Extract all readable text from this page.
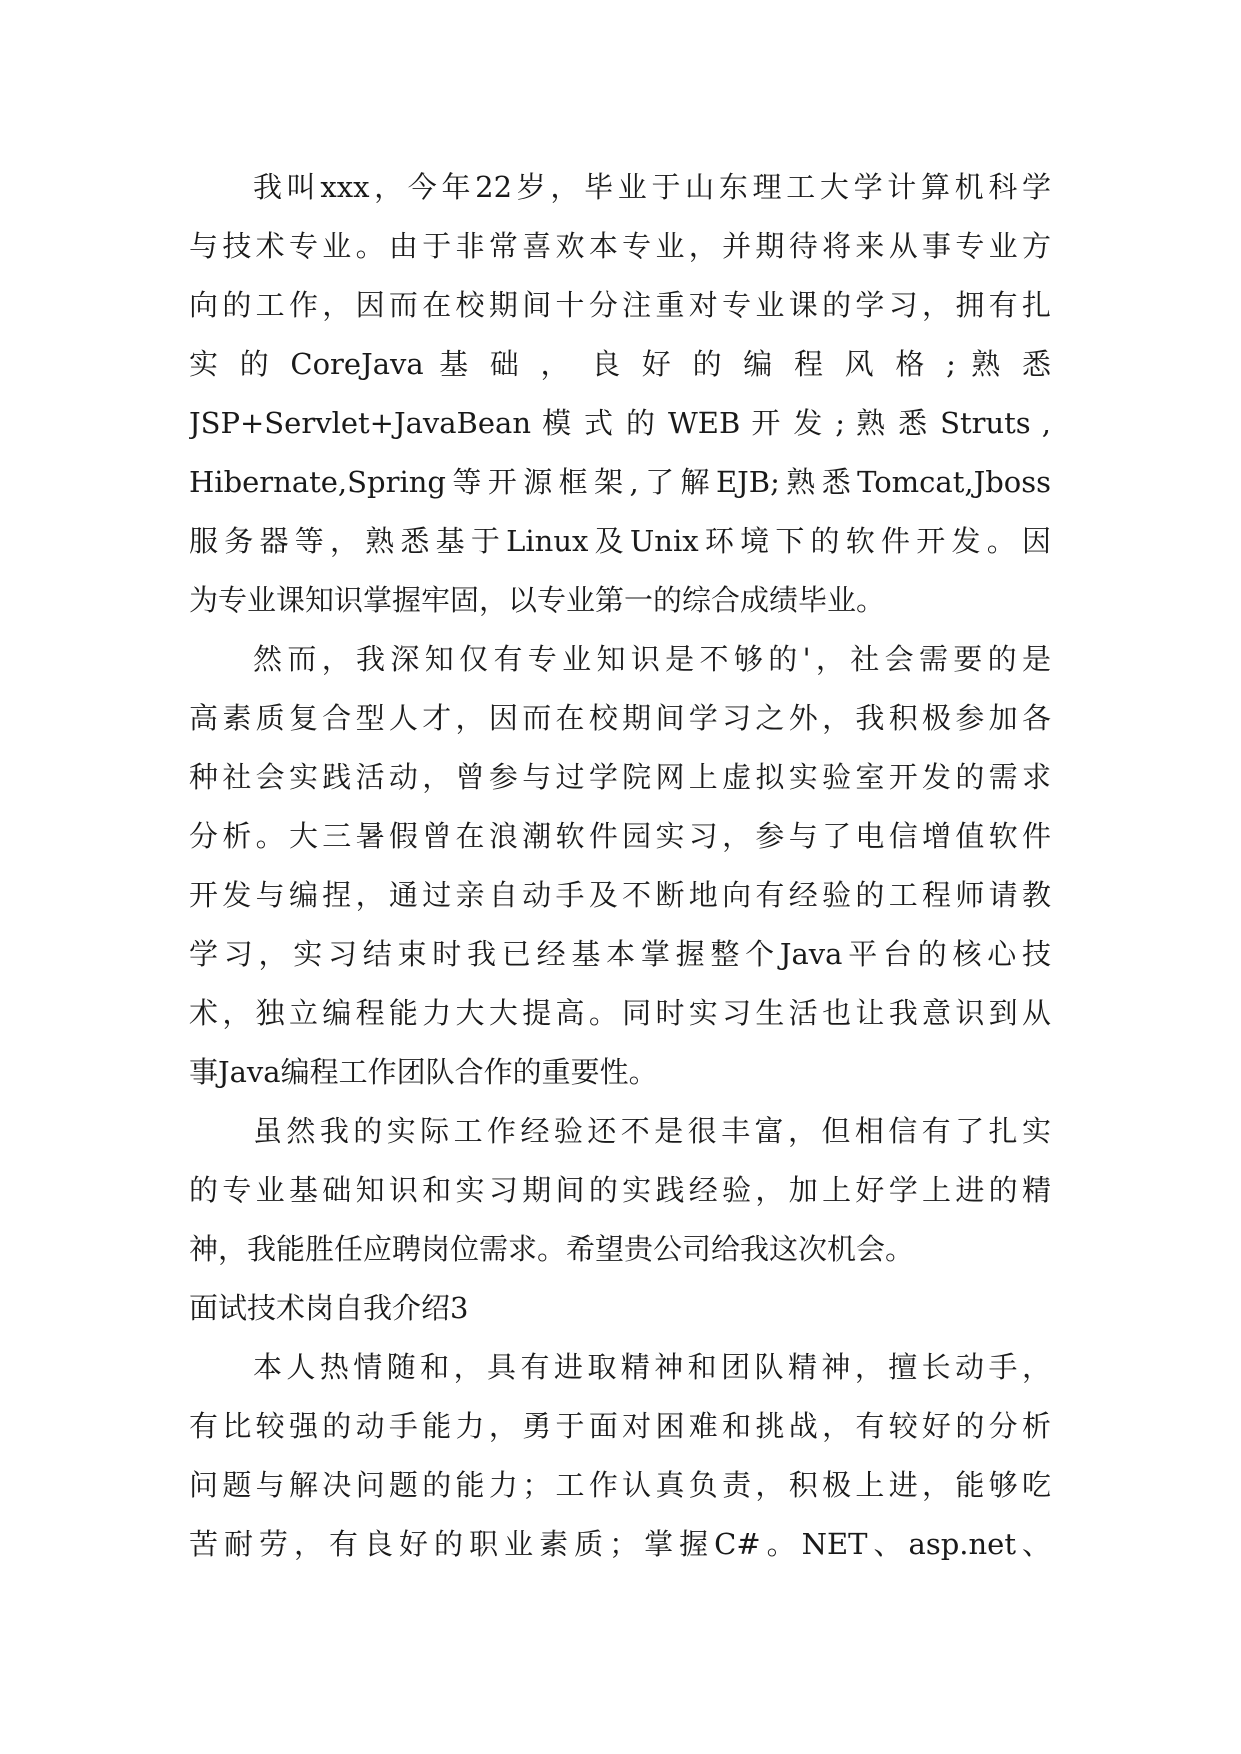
我叫xxx，今年22岁，毕业于山东理工大学计算机科学
与技术专业。由于非常喜欢本专业，并期待将来从事专业方
向的工作，因而在校期间十分注重对专业课的学习，拥有扎
实 的 CoreJava 基 础 ， 良 好 的 编 程 风 格 ; 熟 悉
JSP+Servlet+JavaBean 模 式 的 WEB 开 发 ; 熟 悉 Struts ,
Hibernate,Spring等开源框架,了解EJB;熟悉Tomcat,Jboss
服务器等，熟悉基于Linux及Unix环境下的软件开发。因
为专业课知识掌握牢固，以专业第一的综合成绩毕业。
然而，我深知仅有专业知识是不够的'，社会需要的是
高素质复合型人才，因而在校期间学习之外，我积极参加各
种社会实践活动，曾参与过学院网上虚拟实验室开发的需求
分析。大三暑假曾在浪潮软件园实习，参与了电信增值软件
开发与编捏，通过亲自动手及不断地向有经验的工程师请教
学习，实习结束时我已经基本掌握整个Java平台的核心技
术，独立编程能力大大提高。同时实习生活也让我意识到从
事Java编程工作团队合作的重要性。
虽然我的实际工作经验还不是很丰富，但相信有了扎实
的专业基础知识和实习期间的实践经验，加上好学上进的精
神，我能胜任应聘岗位需求。希望贵公司给我这次机会。
面试技术岗自我介绍3
本人热情随和，具有进取精神和团队精神，擅长动手，
有比较强的动手能力，勇于面对困难和挑战，有较好的分析
问题与解决问题的能力；工作认真负责，积极上进，能够吃
苦耐劳，有良好的职业素质；掌握C#。NET、asp.net、
